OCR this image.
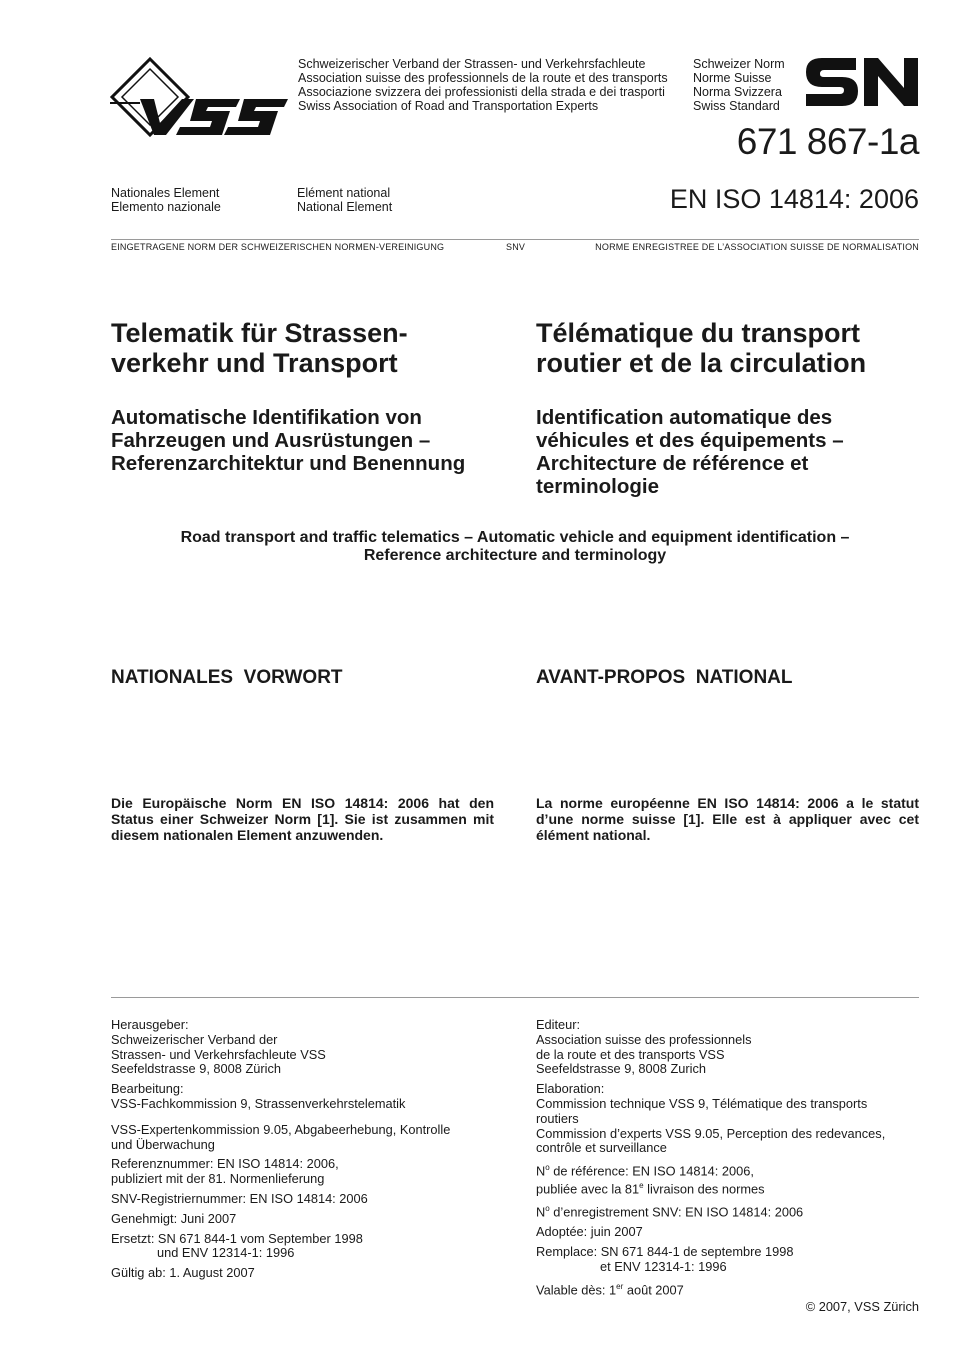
Schweizerischer Verband der Strassen- und Verkehrsfachleute
Association suisse des professionnels de la route et des transports
Associazione svizzera dei professionisti della strada e dei trasporti
Swiss Association of Road and Transportation Experts
Schweizer Norm
Norme Suisse
Norma Svizzera
Swiss Standard
671 867-1a
Nationales Element
Elemento nazionale
Elément national
National Element	EN ISO 14814: 2006
EINGETRAGENE NORM DER SCHWEIZERISCHEN NORMEN-VEREINIGUNG	SNV	NORME ENREGISTREE DE L’ASSOCIATION SUISSE DE NORMALISATION
Telematik für Strassen-
verkehr und Transport
Télématique du transport
routier et de la circulation
Automatische Identifikation von
Fahrzeugen und Ausrüstungen –
Referenzarchitektur und Benennung
Identification automatique des
véhicules et des équipements –
Architecture de référence et
terminologie
Road transport and traffic telematics – Automatic vehicle and equipment identification –
Reference architecture and terminology
NATIONALES  VORWORT	AVANT-PROPOS  NATIONAL
Die Europäische Norm EN ISO 14814: 2006 hat den Status einer Schweizer Norm [1]. Sie ist zusammen mit diesem nationalen Element anzuwenden.
La norme européenne EN ISO 14814: 2006 a le statut d’une norme suisse [1]. Elle est à appliquer avec cet élément national.

Herausgeber:
Schweizerischer Verband der
Strassen- und Verkehrsfachleute VSS
Seefeldstrasse 9, 8008 Zürich

Bearbeitung:
VSS-Fachkommission 9, Strassenverkehrstelematik

VSS-Expertenkommission 9.05, Abgabeerhebung, Kontrolle
und Überwachung

Referenznummer: EN ISO 14814: 2006,
publiziert mit der 81. Normenlieferung

SNV-Registriernummer: EN ISO 14814: 2006

Genehmigt: Juni 2007

Ersetzt: SN 671 844-1 vom September 1998
und ENV 12314-1: 1996

Gültig ab: 1. August 2007

Editeur:
Association suisse des professionnels
de la route et des transports VSS
Seefeldstrasse 9, 8008 Zurich

Elaboration:
Commission technique VSS 9, Télématique des transports
routiers

Commission d’experts VSS 9.05, Perception des redevances,
contrôle et surveillance

$N^o$ de référence: EN ISO 14814: 2006,
publiée avec la 81e livraison des normes

$N^o$ d’enregistrement SNV: EN ISO 14814: 2006

Adoptée: juin 2007

Remplace: SN 671 844-1 de septembre 1998
et ENV 12314-1: 1996

Valable dès: 1er août 2007

© 2007, VSS Zürich
